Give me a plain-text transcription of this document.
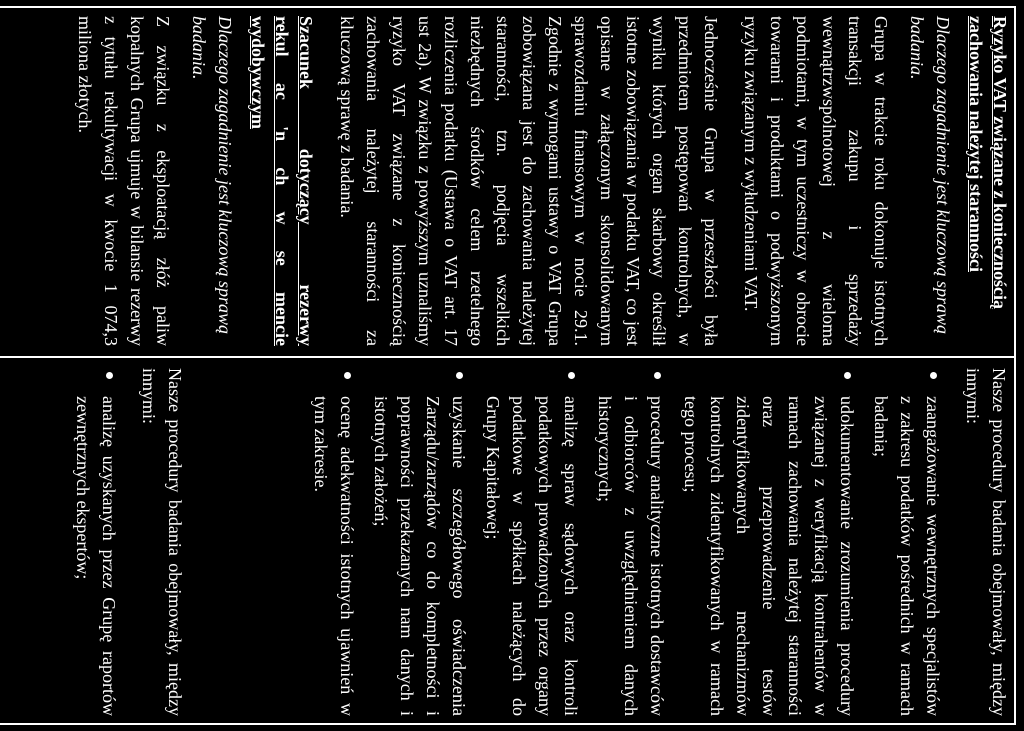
Ryzyko VAT związane z koniecznością zachowania należytej staranności
Dlaczego zagadnienie jest kluczową sprawą badania.

Grupa w trakcie roku dokonuje istotnych transakcji zakupu i sprzedaży wewnątrzwspólnotowej z wieloma podmiotami, w tym uczestniczy w obrocie towarami i produktami o podwyższonym ryzyku związanym z wyłudzeniami VAT.

Jednocześnie Grupa w przeszłości była przedmiotem postępowań kontrolnych, w wyniku których organ skarbowy określił istotne zobowiązania w podatku VAT, co jest opisane w załączonym skonsolidowanym sprawozdaniu finansowym w nocie 29.1. Zgodnie z wymogami ustawy o VAT Grupa zobowiązana jest do zachowania należytej staranności, tzn. podjęcia wszelkich niezbędnych środków celem rzetelnego rozliczenia podatku (Ustawa o VAT art. 17 ust 2a). W związku z powyższym uznaliśmy ryzyko VAT związane z koniecznością zachowania należytej staranności za kluczową sprawę z badania.

Szacunek dotyczący rezerwy
rekul ac 'n ch w se mencie
wydobywczym
Dlaczego zagadnienie jest kluczową sprawą badania.

Z związku z eksploatacją złóż paliw kopalnych Grupa ujmuje w bilansie rezerwy z tytułu rekultywacji w kwocie 1 074,3 miliona złotych.

Nasze procedury badania obejmowały, między innymi:

zaangażowanie wewnętrznych specjalistów z zakresu podatków pośrednich w ramach badania;
udokumentowanie zrozumienia procedury związanej z weryfikacją kontrahentów w ramach zachowania należytej staranności oraz przeprowadzenie testów zidentyfikowanych mechanizmów kontrolnych zidentyfikowanych w ramach tego procesu;
procedury analityczne istotnych dostawców i odbiorców z uwzględnieniem danych historycznych;
analizę spraw sądowych oraz kontroli podatkowych prowadzonych przez organy podatkowe w spółkach należących do Grupy Kapitałowej;
uzyskanie szczegółowego oświadczenia Zarządu/zarządów co do kompletności i poprawności przekazanych nam danych i istotnych założeń;
ocenę adekwatności istotnych ujawnień w tym zakresie.

Nasze procedury badania obejmowały, między innymi:

analizę uzyskanych przez Grupę raportów zewnętrznych ekspertów;
